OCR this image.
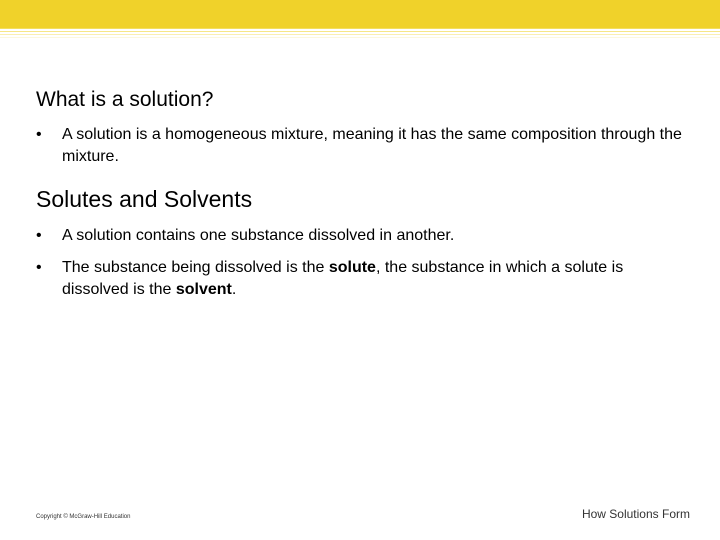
What is a solution?
•	A solution is a homogeneous mixture, meaning it has the same composition through the mixture.
Solutes and Solvents
•	A solution contains one substance dissolved in another.
•	The substance being dissolved is the solute, the substance in which a solute is dissolved is the solvent.
Copyright © McGraw-Hill Education	How Solutions Form
